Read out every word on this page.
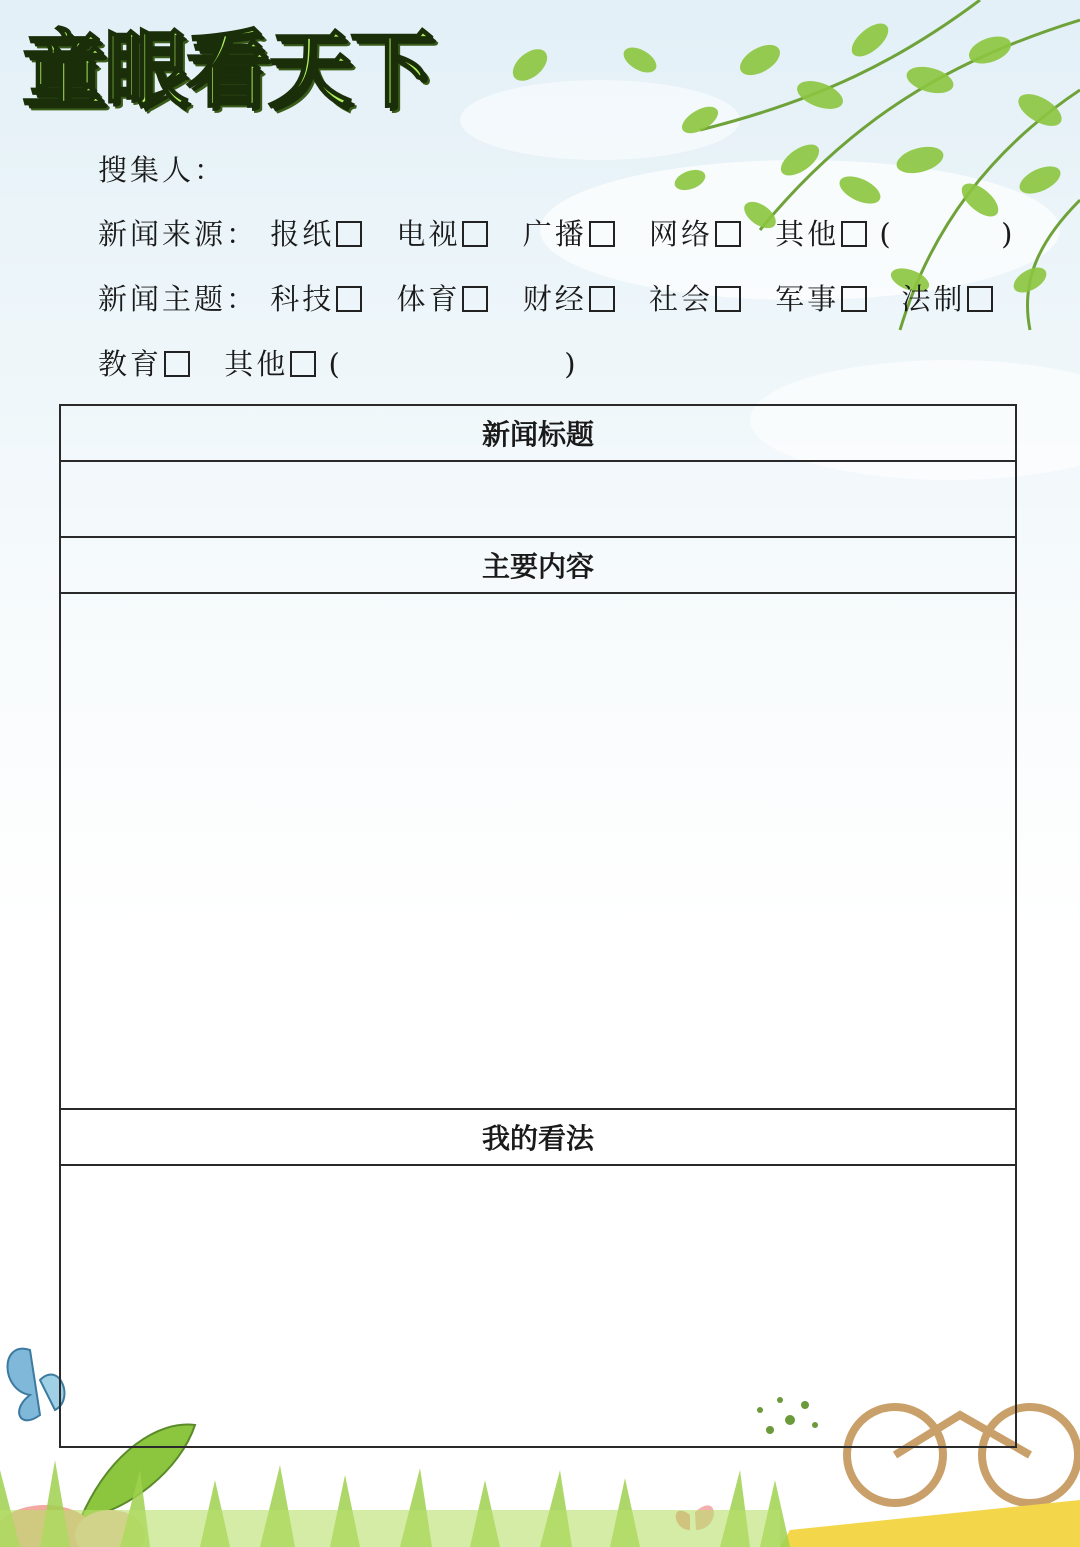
童眼看天下
搜集人：
新闻来源： 报纸 电视 广播 网络 其他 (	)
新闻主题： 科技 体育 财经 社会 军事 法制
教育 其他 (	)
新闻标题

主要内容

我的看法
